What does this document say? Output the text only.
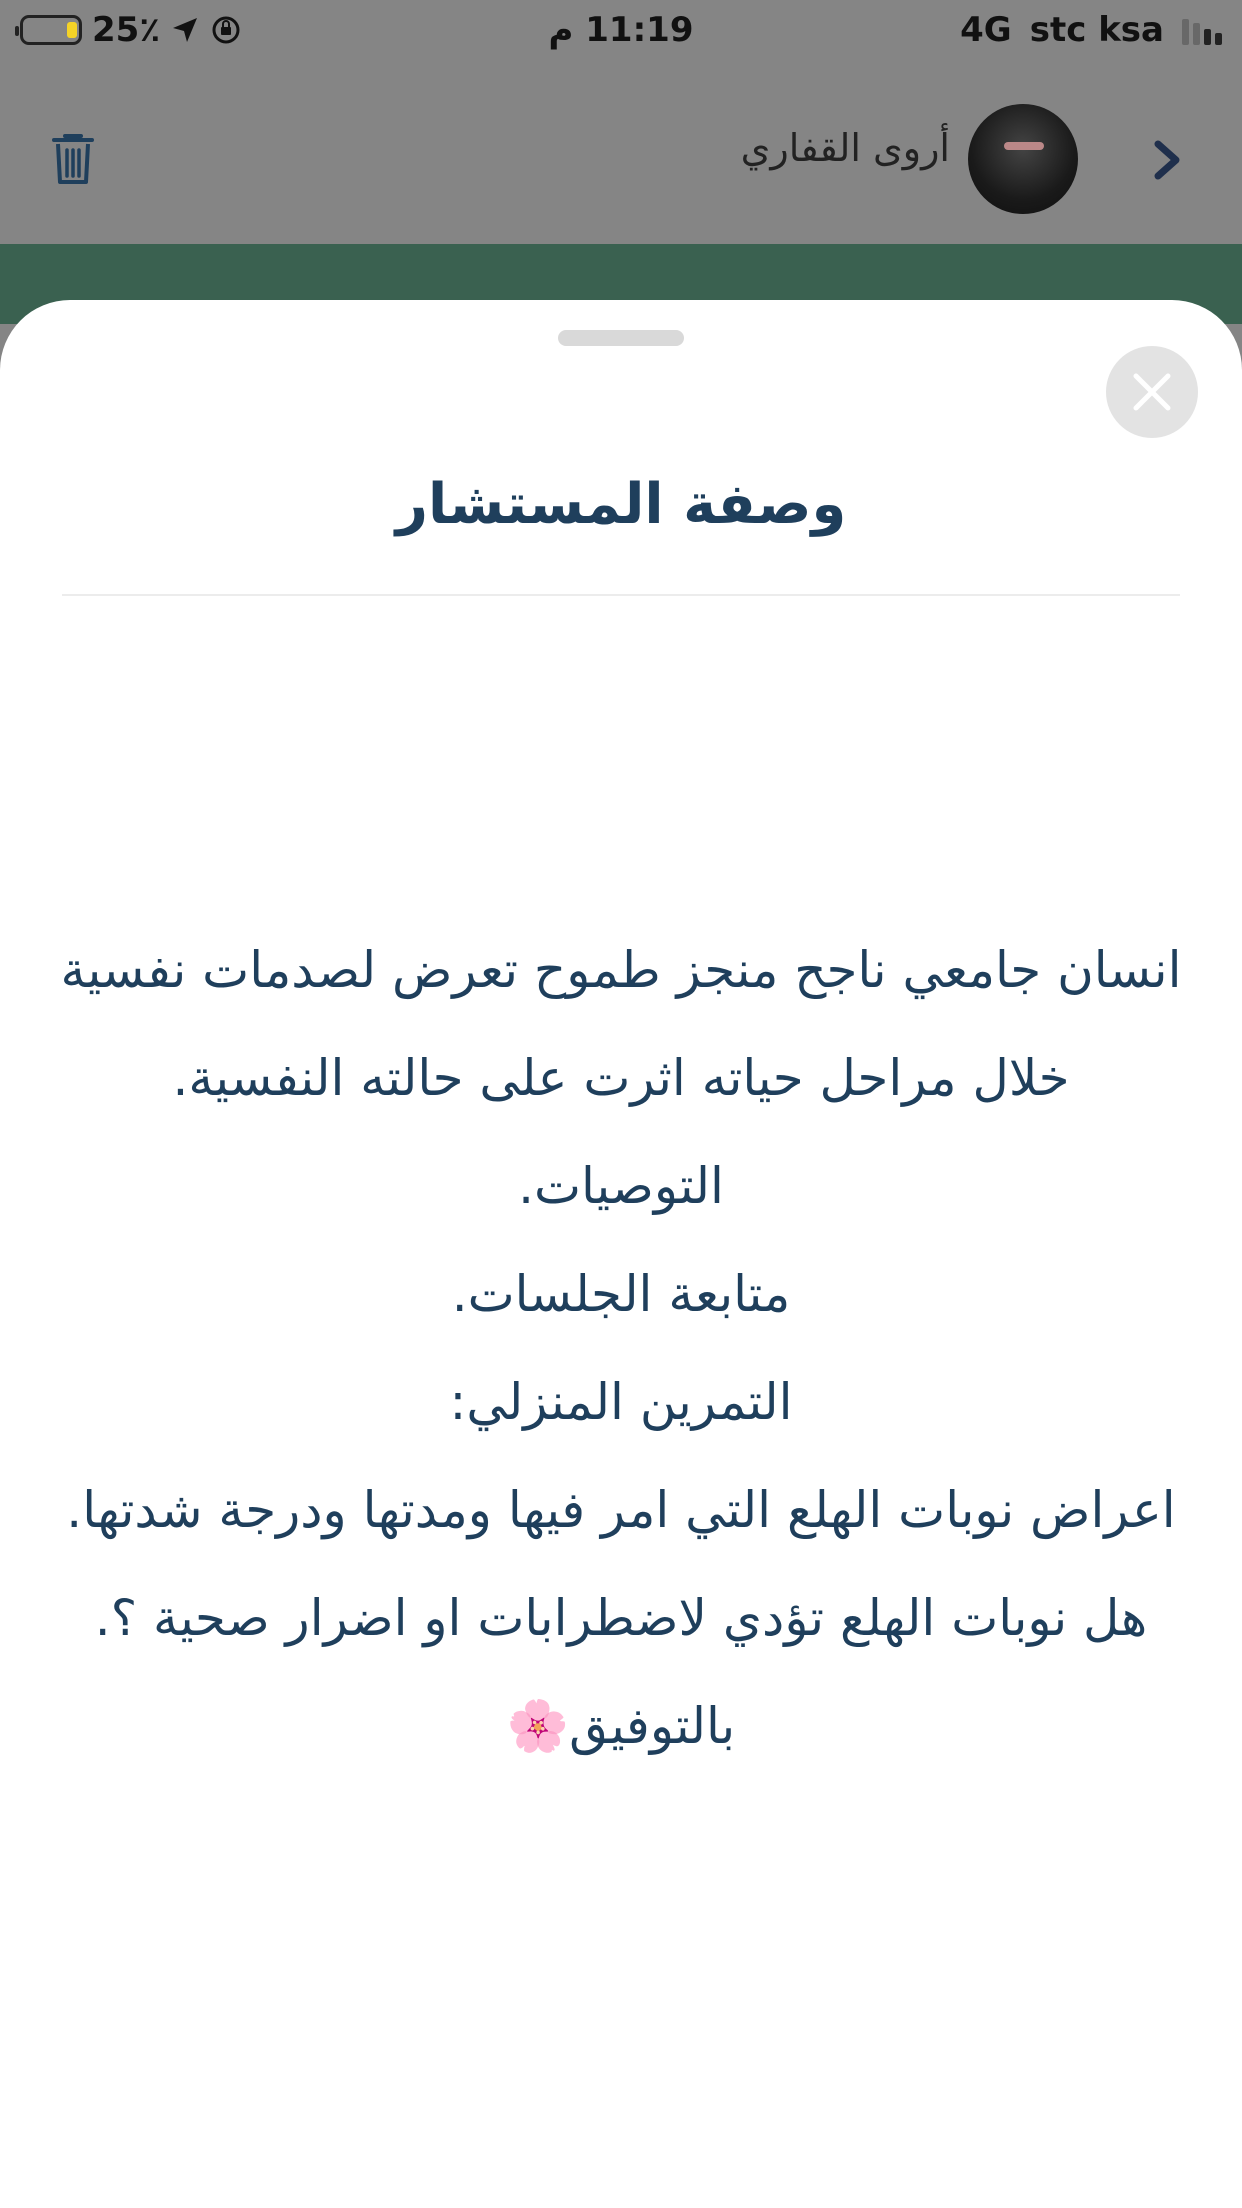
25٪	11:19 م	4G stc ksa
أروى القفاري
وصفة المستشار
انسان جامعي ناجح منجز طموح تعرض لصدمات نفسية
خلال مراحل حياته اثرت على حالته النفسية.
التوصيات.
متابعة الجلسات.
التمرين المنزلي:
اعراض نوبات الهلع التي امر فيها ومدتها ودرجة شدتها.
هل نوبات الهلع تؤدي لاضطرابات او اضرار صحية ؟.
بالتوفيق🌸
